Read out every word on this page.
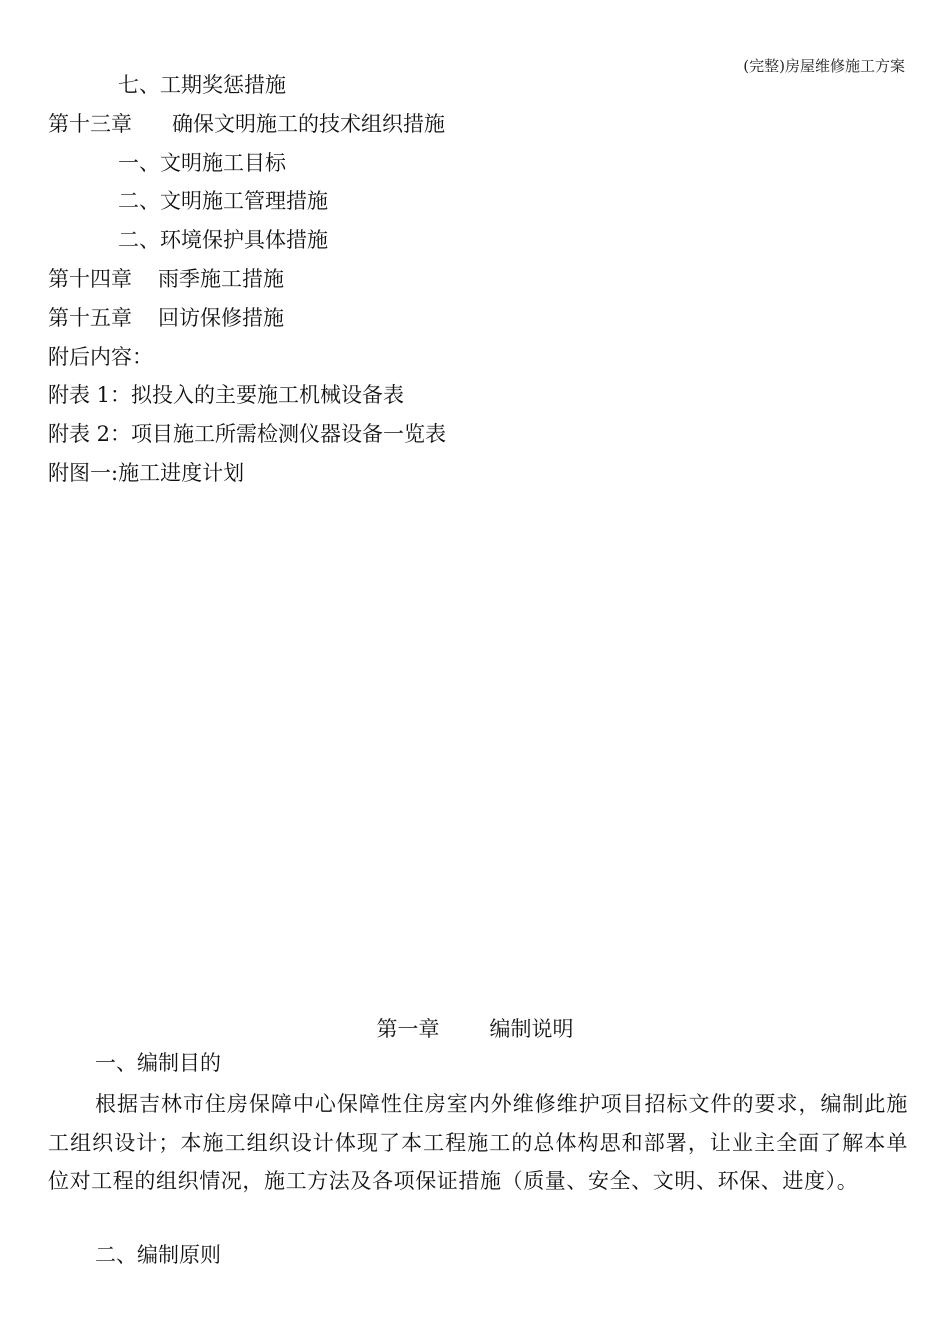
(完整)房屋维修施工方案
七、工期奖惩措施
第十三章 确保文明施工的技术组织措施
一、文明施工目标
二、文明施工管理措施
二、环境保护具体措施
第十四章 雨季施工措施
第十五章 回访保修措施
附后内容：
附表 1：拟投入的主要施工机械设备表
附表 2：项目施工所需检测仪器设备一览表
附图一:施工进度计划
第一章 编制说明
一、编制目的

根据吉林市住房保障中心保障性住房室内外维修维护项目招标文件的要求，编制此施工组织设计；本施工组织设计体现了本工程施工的总体构思和部署，让业主全面了解本单位对工程的组织情况，施工方法及各项保证措施（质量、安全、文明、环保、进度）。

二、编制原则
